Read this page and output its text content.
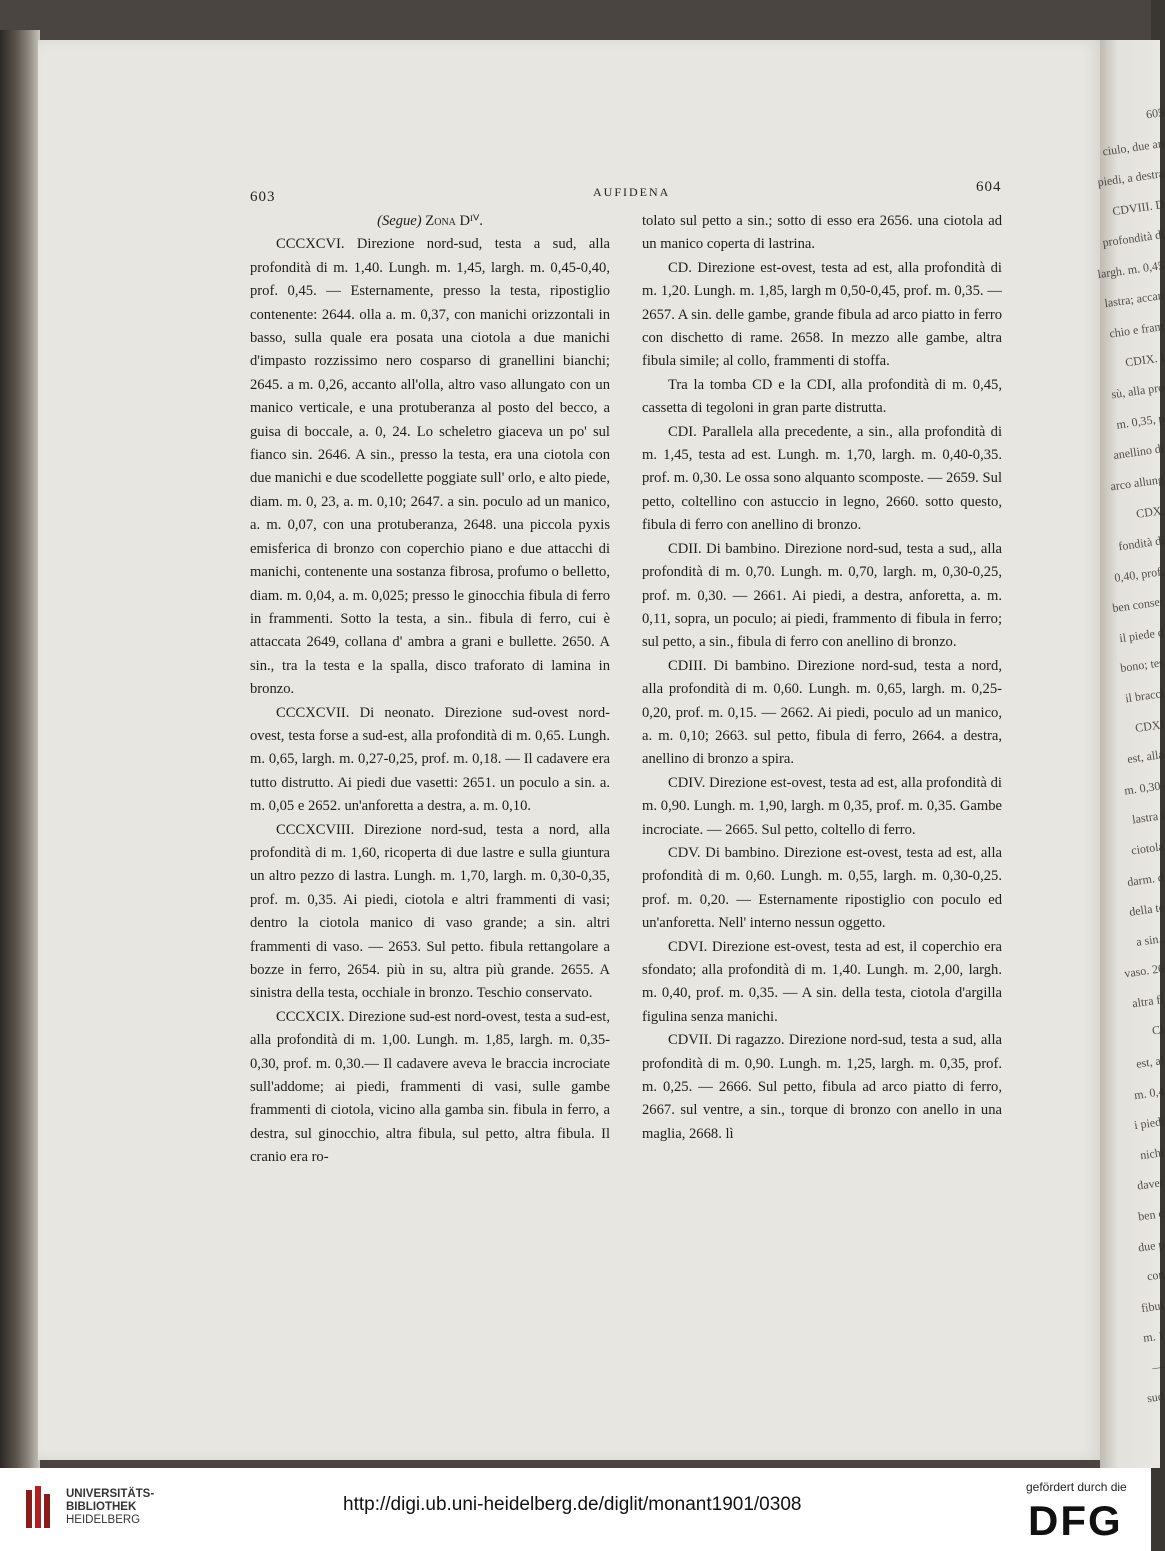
603	AUFIDENA	604

(Segue) Zona Dᴵⱽ.

CCCXCVI. Direzione nord-sud, testa a sud, alla profondità di m. 1,40. Lungh. m. 1,45, largh. m. 0,45-0,40, prof. 0,45. — Esternamente, presso la testa, ripostiglio contenente: 2644. olla a. m. 0,37, con manichi orizzontali in basso, sulla quale era posata una ciotola a due manichi d'impasto rozzissimo nero cosparso di granellini bianchi; 2645. a m. 0,26, accanto all'olla, altro vaso allungato con un manico verticale, e una protuberanza al posto del becco, a guisa di boccale, a. 0, 24. Lo scheletro giaceva un po' sul fianco sin. 2646. A sin., presso la testa, era una ciotola con due manichi e due scodellette poggiate sull' orlo, e alto piede, diam. m. 0, 23, a. m. 0,10; 2647. a sin. poculo ad un manico, a. m. 0,07, con una protuberanza, 2648. una piccola pyxis emisferica di bronzo con coperchio piano e due attacchi di manichi, contenente una sostanza fibrosa, profumo o belletto, diam. m. 0,04, a. m. 0,025; presso le ginocchia fibula di ferro in frammenti. Sotto la testa, a sin.. fibula di ferro, cui è attaccata 2649, collana d' ambra a grani e bullette. 2650. A sin., tra la testa e la spalla, disco traforato di lamina in bronzo.

CCCXCVII. Di neonato. Direzione sud-ovest nord-ovest, testa forse a sud-est, alla profondità di m. 0,65. Lungh. m. 0,65, largh. m. 0,27-0,25, prof. m. 0,18. — Il cadavere era tutto distrutto. Ai piedi due vasetti: 2651. un poculo a sin. a. m. 0,05 e 2652. un'anforetta a destra, a. m. 0,10.

CCCXCVIII. Direzione nord-sud, testa a nord, alla profondità di m. 1,60, ricoperta di due lastre e sulla giuntura un altro pezzo di lastra. Lungh. m. 1,70, largh. m. 0,30-0,35, prof. m. 0,35. Ai piedi, ciotola e altri frammenti di vasi; dentro la ciotola manico di vaso grande; a sin. altri frammenti di vaso. — 2653. Sul petto. fibula rettangolare a bozze in ferro, 2654. più in su, altra più grande. 2655. A sinistra della testa, occhiale in bronzo. Teschio conservato.

CCCXCIX. Direzione sud-est nord-ovest, testa a sud-est, alla profondità di m. 1,00. Lungh. m. 1,85, largh. m. 0,35-0,30, prof. m. 0,30.— Il cadavere aveva le braccia incrociate sull'addome; ai piedi, frammenti di vasi, sulle gambe frammenti di ciotola, vicino alla gamba sin. fibula in ferro, a destra, sul ginocchio, altra fibula, sul petto, altra fibula. Il cranio era ro-

tolato sul petto a sin.; sotto di esso era 2656. una ciotola ad un manico coperta di lastrina.

CD. Direzione est-ovest, testa ad est, alla profondità di m. 1,20. Lungh. m. 1,85, largh m 0,50-0,45, prof. m. 0,35. — 2657. A sin. delle gambe, grande fibula ad arco piatto in ferro con dischetto di rame. 2658. In mezzo alle gambe, altra fibula simile; al collo, frammenti di stoffa.

Tra la tomba CD e la CDI, alla profondità di m. 0,45, cassetta di tegoloni in gran parte distrutta.

CDI. Parallela alla precedente, a sin., alla profondità di m. 1,45, testa ad est. Lungh. m. 1,70, largh. m. 0,40-0,35. prof. m. 0,30. Le ossa sono alquanto scomposte. — 2659. Sul petto, coltellino con astuccio in legno, 2660. sotto questo, fibula di ferro con anellino di bronzo.

CDII. Di bambino. Direzione nord-sud, testa a sud,, alla profondità di m. 0,70. Lungh. m. 0,70, largh. m, 0,30-0,25, prof. m. 0,30. — 2661. Ai piedi, a destra, anforetta, a. m. 0,11, sopra, un poculo; ai piedi, frammento di fibula in ferro; sul petto, a sin., fibula di ferro con anellino di bronzo.

CDIII. Di bambino. Direzione nord-sud, testa a nord, alla profondità di m. 0,60. Lungh. m. 0,65, largh. m. 0,25-0,20, prof. m. 0,15. — 2662. Ai piedi, poculo ad un manico, a. m. 0,10; 2663. sul petto, fibula di ferro, 2664. a destra, anellino di bronzo a spira.

CDIV. Direzione est-ovest, testa ad est, alla profondità di m. 0,90. Lungh. m. 1,90, largh. m 0,35, prof. m. 0,35. Gambe incrociate. — 2665. Sul petto, coltello di ferro.

CDV. Di bambino. Direzione est-ovest, testa ad est, alla profondità di m. 0,60. Lungh. m. 0,55, largh. m. 0,30-0,25. prof. m. 0,20. — Esternamente ripostiglio con poculo ed un'anforetta. Nell' interno nessun oggetto.

CDVI. Direzione est-ovest, testa ad est, il coperchio era sfondato; alla profondità di m. 1,40. Lungh. m. 2,00, largh. m. 0,40, prof. m. 0,35. — A sin. della testa, ciotola d'argilla figulina senza manichi.

CDVII. Di ragazzo. Direzione nord-sud, testa a sud, alla profondità di m. 0,90. Lungh. m. 1,25, largh. m. 0,35, prof. m. 0,25. — 2666. Sul petto, fibula ad arco piatto di ferro, 2667. sul ventre, a sin., torque di bronzo con anello in una maglia, 2668. lì

605
ciulo, due an
piedi, a destra
CDVIII. D
profondità di
largh. m. 0,45
lastra; accan
chio e fram
CDIX. I
sù, alla pro
m. 0,35, p
anellino di
arco allung
CDX.
fondità di
0,40, prof.
ben conser
il piede d
bono; tes
il bracci
CDXI
est, alla
m. 0,30-
lastra i
ciotola
darm. d
della te
a sin.,
vaso. 26
altra fi
CI
est, al
m. 0,4
i piedi
nichi
daver
ben c
due p
con
fibul
m. 1
—
sud
UNIVERSITÄTS-
BIBLIOTHEK
HEIDELBERG
http://digi.ub.uni-heidelberg.de/diglit/monant1901/0308
gefördert durch die
DFG
